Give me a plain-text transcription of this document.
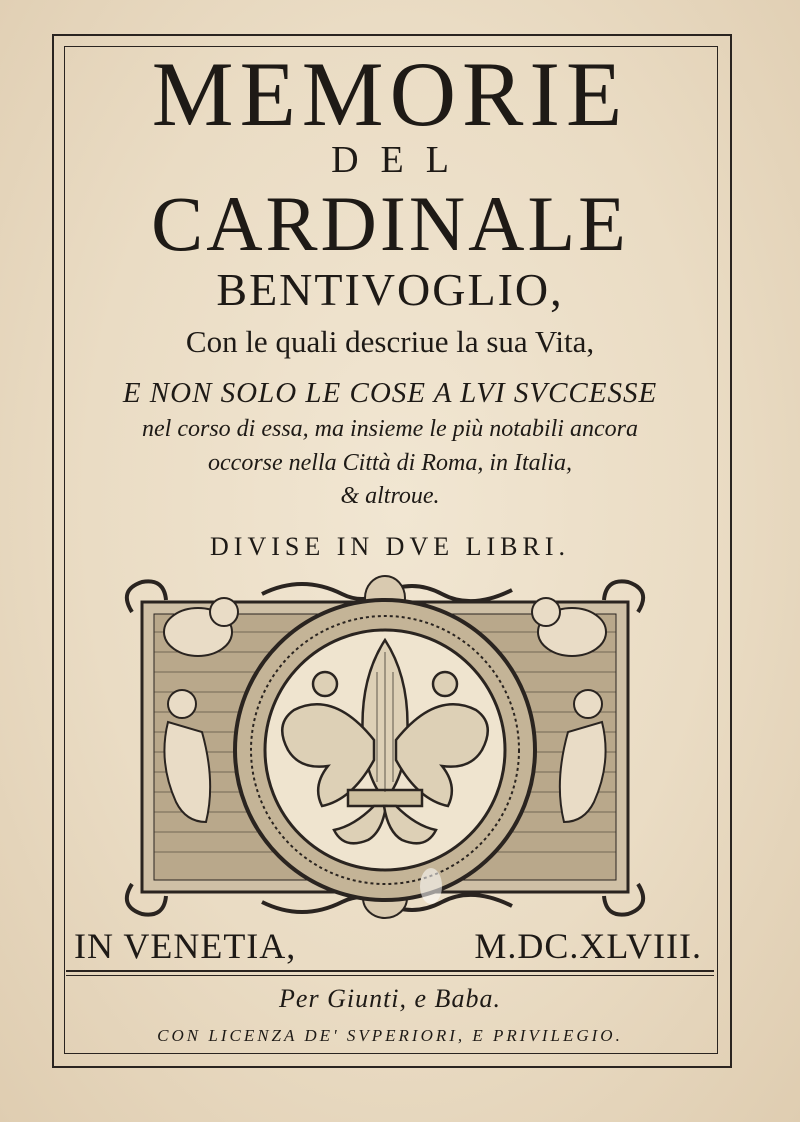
MEMORIE
DEL
CARDINALE
BENTIVOGLIO,
Con le quali descriue la sua Vita,
E NON SOLO LE COSE A LVI SVCCESSE
nel corso di essa, ma insieme le più notabili ancora
occorse nella Città di Roma, in Italia,
& altroue.
DIVISE IN DVE LIBRI.
IN VENETIA,	M.DC.XLVIII.
Per Giunti, e Baba.
CON LICENZA DE' SVPERIORI, E PRIVILEGIO.
